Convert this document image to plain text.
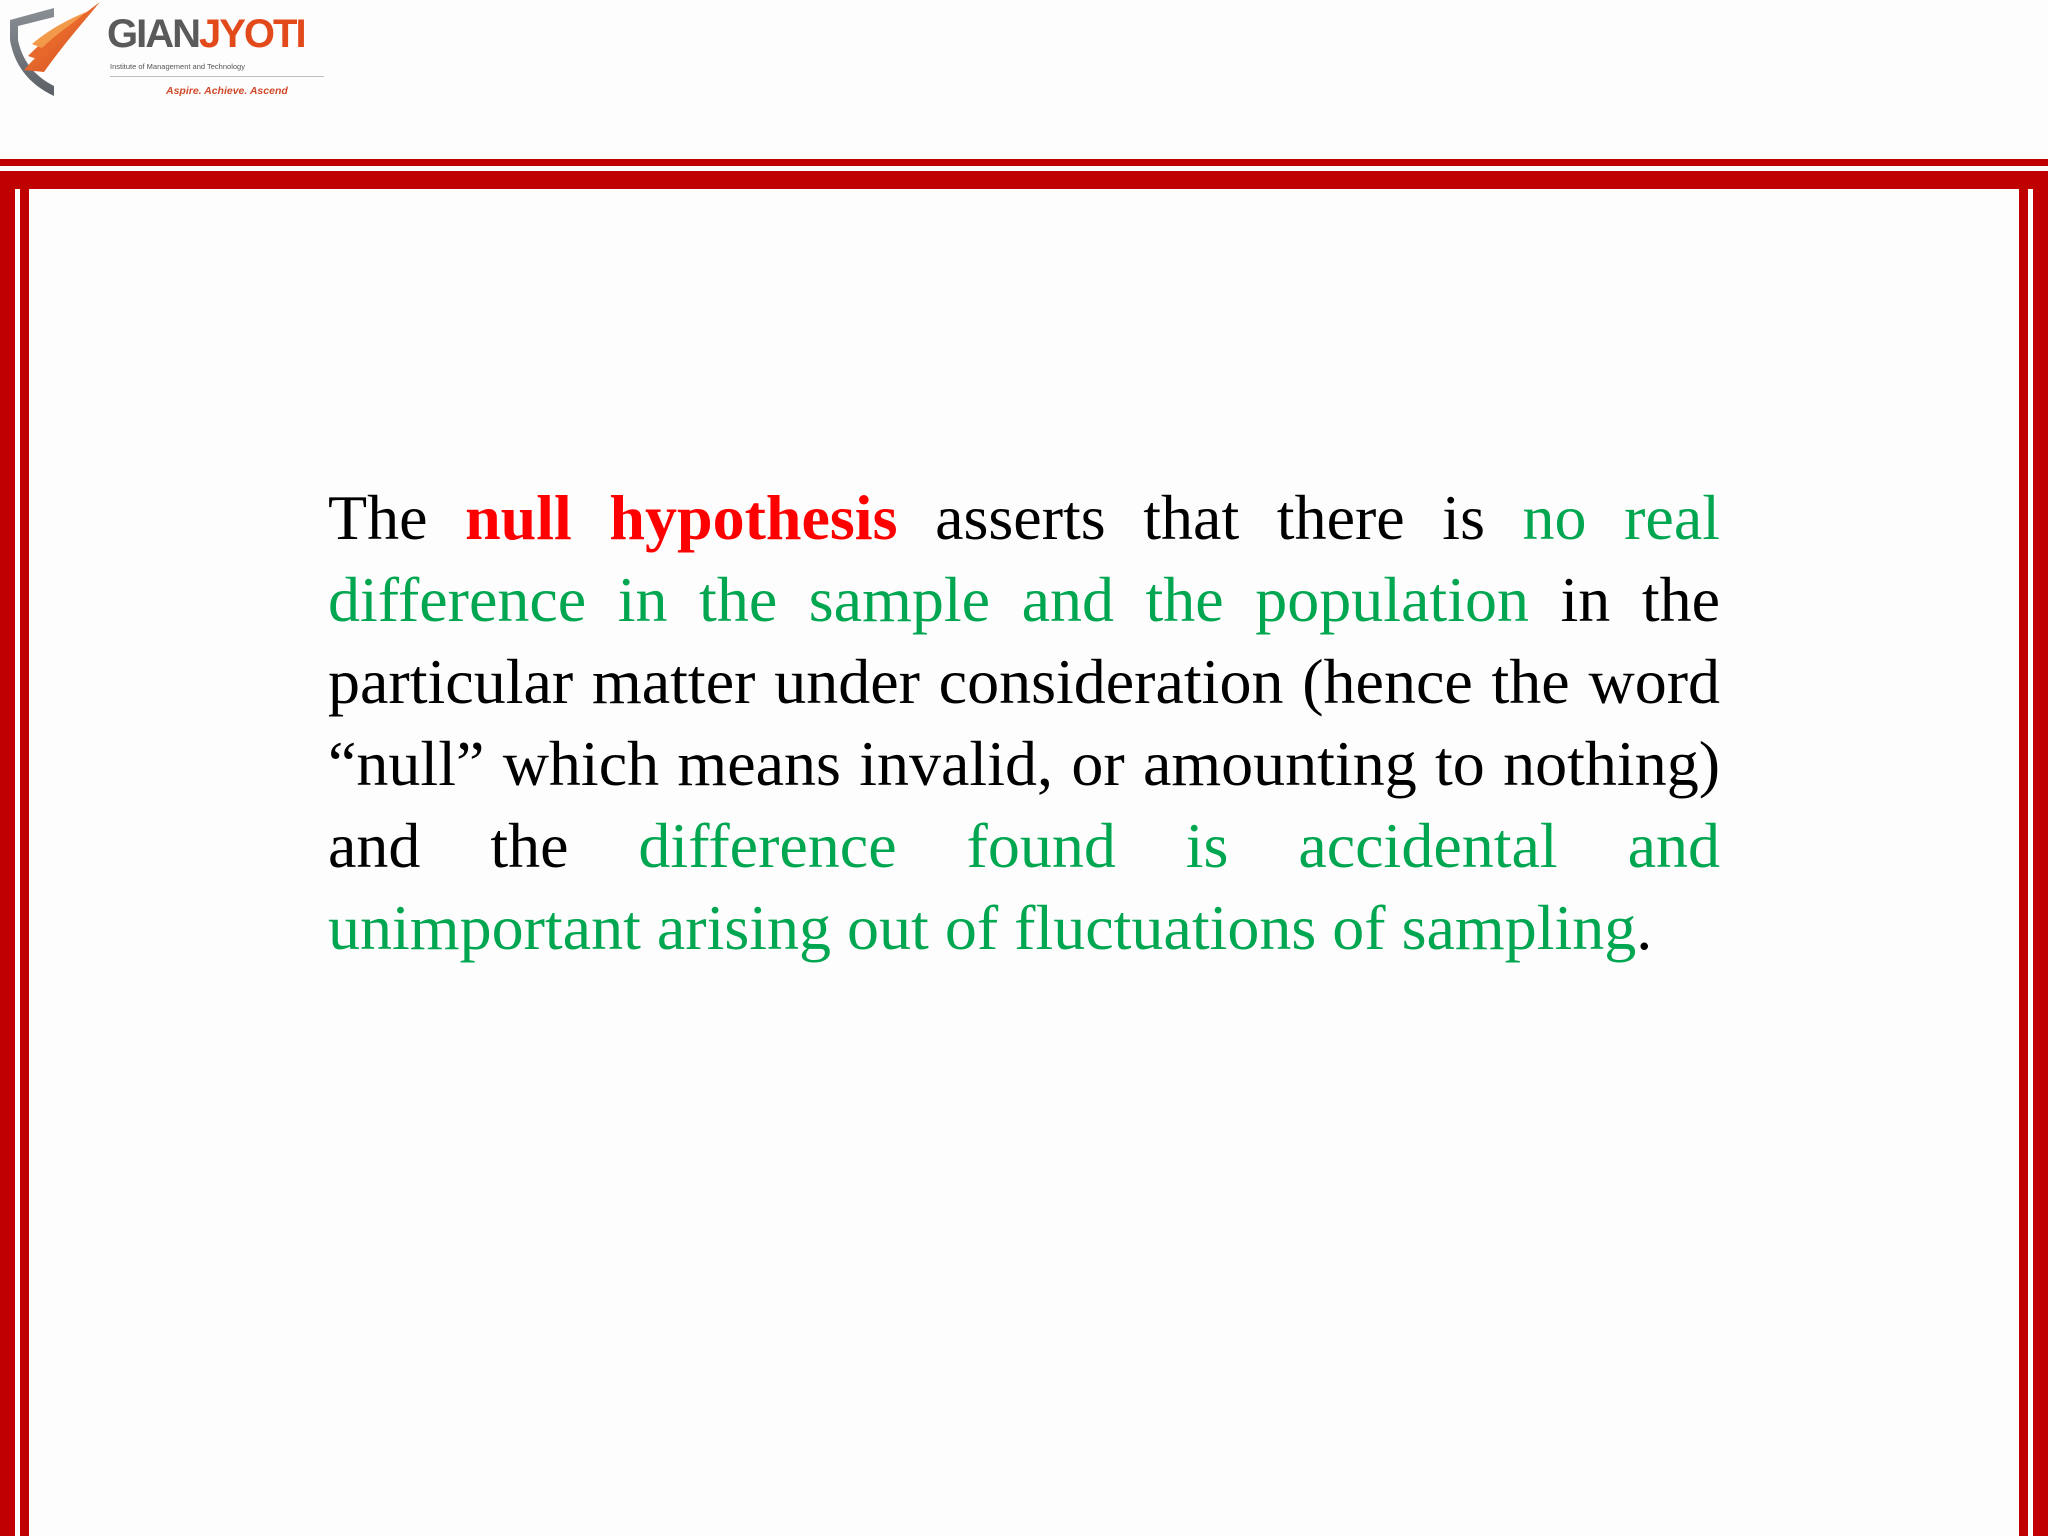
GIANJYOTI
Institute of Management and Technology
Aspire. Achieve. Ascend

The null hypothesis asserts that there is no real difference in the sample and the population in the particular matter under consideration (hence the word “null” which means invalid, or amounting to nothing) and the difference found is accidental and unimportant arising out of fluctuations of sampling.
